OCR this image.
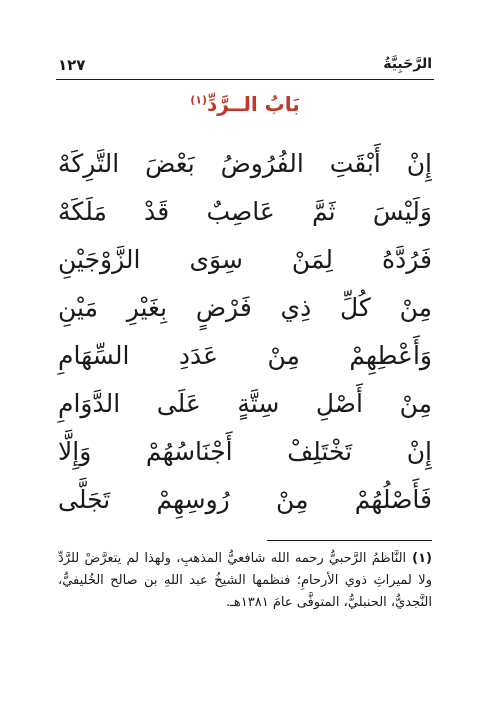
الرَّحَبِيَّةُ
١٢٧
بَابُ الــرَّدِّ$^{(١)}$
إِنْ أَبْقَتِ الفُرُوضُ بَعْضَ التَّرِكَهْ
وَلَيْسَ ثَمَّ عَاصِبٌ قَدْ مَلَكَهْ
فَرُدَّهُ لِمَنْ سِوَى الزَّوْجَيْنِ
مِنْ كُلِّ ذِي فَرْضٍ بِغَيْرِ مَيْنِ
وَأَعْطِهِمْ مِنْ عَدَدِ السِّهَامِ
مِنْ أَصْلِ سِتَّةٍ عَلَى الدَّوَامِ
إِنْ تَخْتَلِفْ أَجْنَاسُهُمْ وَإِلَّا
فَأَصْلُهُمْ مِنْ رُوسِهِمْ تَجَلَّى
(١)النَّاظمُ الرَّحبيُّ رحمه الله شافعيُّ المذهبِ، ولهذا لم يتعرَّضْ للرَّدِّ ولا لميراثِ ذوي الأرحامِ؛ فنظمها الشيخُ عبد اللهِ بن صالح الخُليفيُّ، النَّجديُّ، الحنبليُّ، المتوفَّى عامَ ١٣٨١هـ.
